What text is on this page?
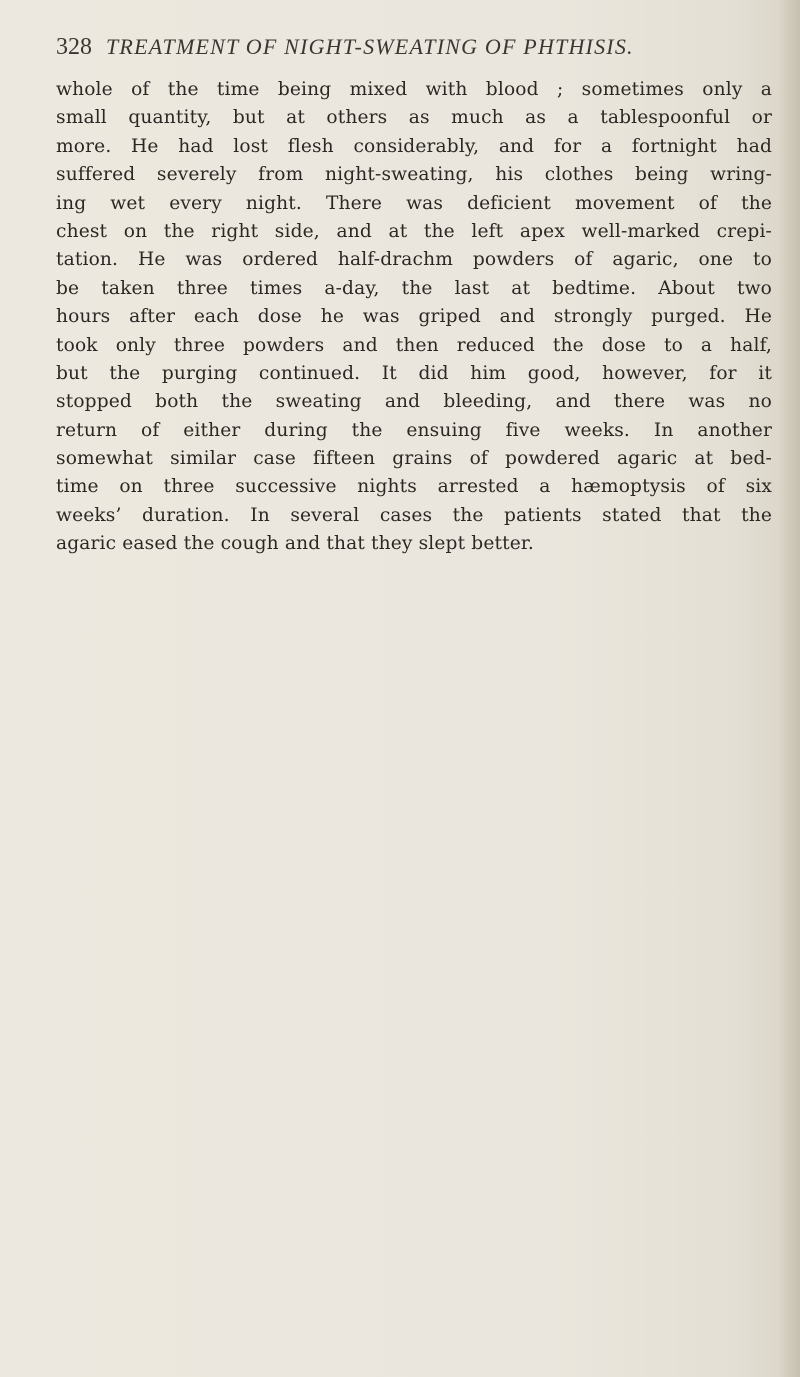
328 TREATMENT OF NIGHT-SWEATING OF PHTHISIS.
whole of the time being mixed with blood ; sometimes only a
small quantity, but at others as much as a tablespoonful or
more. He had lost flesh considerably, and for a fortnight had
suffered severely from night-sweating, his clothes being wring-
ing wet every night. There was deficient movement of the
chest on the right side, and at the left apex well-marked crepi-
tation. He was ordered half-drachm powders of agaric, one to
be taken three times a-day, the last at bedtime. About two
hours after each dose he was griped and strongly purged. He
took only three powders and then reduced the dose to a half,
but the purging continued. It did him good, however, for it
stopped both the sweating and bleeding, and there was no
return of either during the ensuing five weeks. In another
somewhat similar case fifteen grains of powdered agaric at bed-
time on three successive nights arrested a hæmoptysis of six
weeks’ duration. In several cases the patients stated that the
agaric eased the cough and that they slept better.
